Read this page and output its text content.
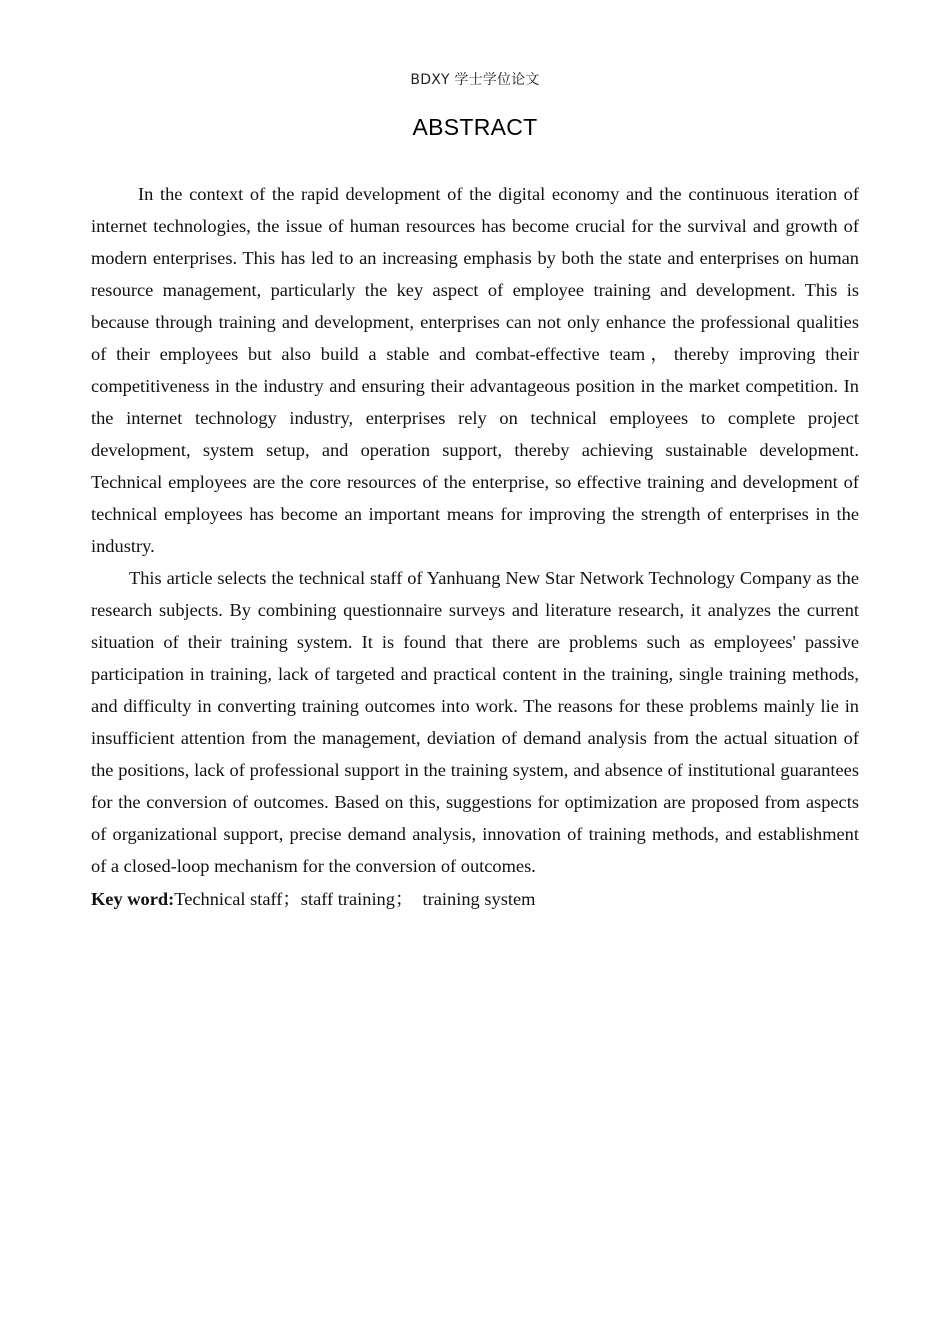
BDXY 学士学位论文
ABSTRACT

In the context of the rapid development of the digital economy and the continuous iteration of internet technologies, the issue of human resources has become crucial for the survival and growth of modern enterprises. This has led to an increasing emphasis by both the state and enterprises on human resource management, particularly the key aspect of employee training and development. This is because through training and development, enterprises can not only enhance the professional qualities of their employees but also build a stable and combat-effective team，thereby improving their competitiveness in the industry and ensuring their advantageous position in the market competition. In the internet technology industry, enterprises rely on technical employees to complete project development, system setup, and operation support, thereby achieving sustainable development. Technical employees are the core resources of the enterprise, so effective training and development of technical employees has become an important means for improving the strength of enterprises in the industry.

This article selects the technical staff of Yanhuang New Star Network Technology Company as the research subjects. By combining questionnaire surveys and literature research, it analyzes the current situation of their training system. It is found that there are problems such as employees' passive participation in training, lack of targeted and practical content in the training, single training methods, and difficulty in converting training outcomes into work. The reasons for these problems mainly lie in insufficient attention from the management, deviation of demand analysis from the actual situation of the positions, lack of professional support in the training system, and absence of institutional guarantees for the conversion of outcomes. Based on this, suggestions for optimization are proposed from aspects of organizational support, precise demand analysis, innovation of training methods, and establishment of a closed-loop mechanism for the conversion of outcomes.

Key word:Technical staff；staff training；  training system
